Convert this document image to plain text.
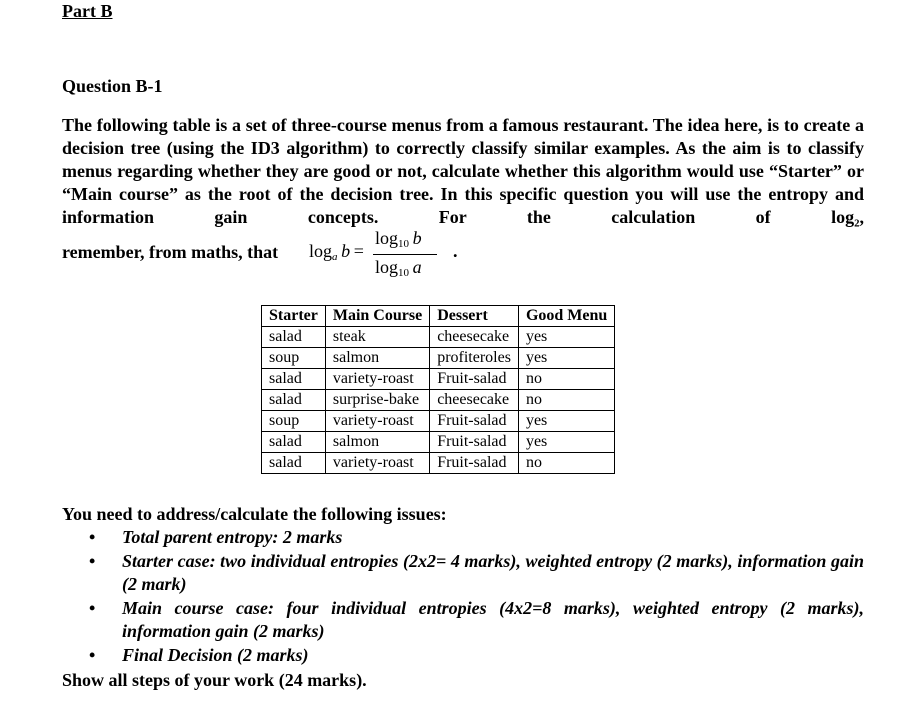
Part B
Question B-1

The following table is a set of three-course menus from a famous restaurant. The idea here, is to create a decision tree (using the ID3 algorithm) to correctly classify similar examples. As the aim is to classify menus regarding whether they are good or not, calculate whether this algorithm would use “Starter” or “Main course” as the root of the decision tree. In this specific question you will use the entropy and information gain concepts. For the calculation of log₂,

remember, from maths, that $\log_a b$  =
$\log_{10} b$
$\log_{10} a$
.
Starter	Main Course	Dessert	Good Menu
salad	steak	cheesecake	yes
soup	salmon	profiteroles	yes
salad	variety-roast	Fruit-salad	no
salad	surprise-bake	cheesecake	no
soup	variety-roast	Fruit-salad	yes
salad	salmon	Fruit-salad	yes
salad	variety-roast	Fruit-salad	no
You need to address/calculate the following issues:
• Total parent entropy: 2 marks
• Starter case: two individual entropies (2x2= 4 marks), weighted entropy (2 marks), information gain (2 mark)
• Main course case: four individual entropies (4x2=8 marks), weighted entropy (2 marks), information gain (2 marks)
• Final Decision (2 marks)
Show all steps of your work (24 marks).
